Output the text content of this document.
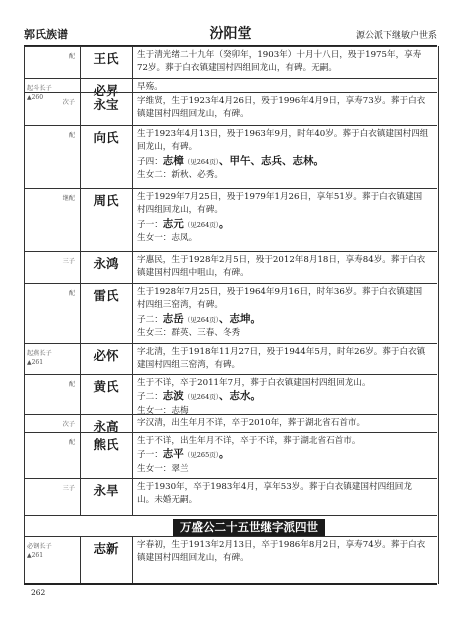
郭氏族谱	汾阳堂	源公派下继敏户世系
配	王氏	生于清光绪二十九年（癸卯年，1903年）十月十八日，殁于1975年，享寿72岁。葬于白衣镇建国村四组回龙山，有碑。无嗣。
起斗长子
▲260	必昇	早殇。
次子	永宝	字维贤，生于1923年4月26日，殁于1996年4月9日，享寿73岁。葬于白衣镇建国村四组回龙山，有碑。
配	向氏	生于1923年4月13日，殁于1963年9月，时年40岁。葬于白衣镇建国村四组回龙山，有碑。
子四：志樟（见264页）、甲午、志兵、志林。
生女二：新秋、必秀。
继配	周氏	生于1929年7月25日，殁于1979年1月26日，享年51岁。葬于白衣镇建国村四组回龙山，有碑。
子一：志元（见264页）。
生女一：志凤。
三子	永鸿	字惠民，生于1928年2月5日，殁于2012年8月18日，享寿84岁。葬于白衣镇建国村四组中咀山，有碑。
配	雷氏	生于1928年7月25日，殁于1964年9月16日，时年36岁。葬于白衣镇建国村四组三窑湾，有碑。
子二：志岳（见264页）、志坤。
生女三：群英、三春、冬秀
起燕长子
▲261	必怀	字北清，生于1918年11月27日，殁于1944年5月，时年26岁。葬于白衣镇建国村四组三窑湾，有碑。
配	黄氏	生于不详，卒于2011年7月，葬于白衣镇建国村四组回龙山。
子二：志波（见264页）、志水。
生女一：志梅
次子	永高	字汉清，出生年月不详，卒于2010年，葬于湖北省石首市。
配	熊氏	生于不详，出生年月不详，卒于不详，葬于湖北省石首市。
子一：志平（见265页）。
生女一：翠兰
三子	永旱	生于1930年，卒于1983年4月，享年53岁。葬于白衣镇建国村四组回龙山。未婚无嗣。
必钢长子
▲261	志新	字春初，生于1913年2月13日，卒于1986年8月2日，享寿74岁。葬于白衣镇建国村四组回龙山，有碑。
万盛公二十五世继字派四世
262
